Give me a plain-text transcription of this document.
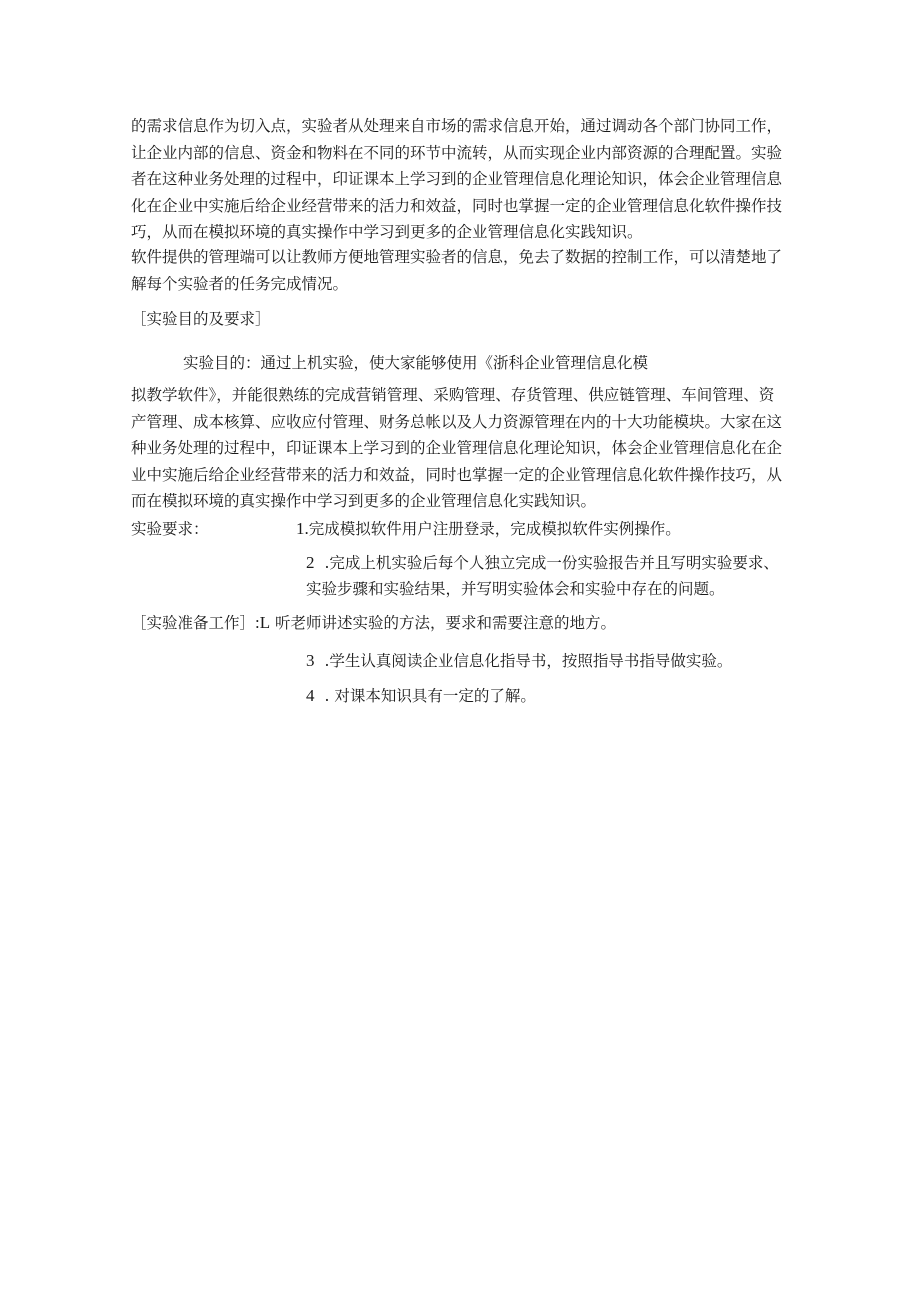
的需求信息作为切入点，实验者从处理来自市场的需求信息开始，通过调动各个部门协同工作，
让企业内部的信息、资金和物料在不同的环节中流转，从而实现企业内部资源的合理配置。实验
者在这种业务处理的过程中，印证课本上学习到的企业管理信息化理论知识，体会企业管理信息
化在企业中实施后给企业经营带来的活力和效益，同时也掌握一定的企业管理信息化软件操作技
巧，从而在模拟环境的真实操作中学习到更多的企业管理信息化实践知识。

软件提供的管理端可以让教师方便地管理实验者的信息，免去了数据的控制工作，可以清楚地了
解每个实验者的任务完成情况。

［实验目的及要求］

实验目的：通过上机实验，使大家能够使用《浙科企业管理信息化模

拟教学软件》，并能很熟练的完成营销管理、采购管理、存货管理、供应链管理、车间管理、资
产管理、成本核算、应收应付管理、财务总帐以及人力资源管理在内的十大功能模块。大家在这
种业务处理的过程中，印证课本上学习到的企业管理信息化理论知识，体会企业管理信息化在企
业中实施后给企业经营带来的活力和效益，同时也掌握一定的企业管理信息化软件操作技巧，从
而在模拟环境的真实操作中学习到更多的企业管理信息化实践知识。

实验要求：	1.完成模拟软件用户注册登录，完成模拟软件实例操作。
2 .完成上机实验后每个人独立完成一份实验报告并且写明实验要求、
实验步骤和实验结果，并写明实验体会和实验中存在的问题。
［实验准备工作］:L 听老师讲述实验的方法，要求和需要注意的地方。
3 .学生认真阅读企业信息化指导书，按照指导书指导做实验。
4 . 对课本知识具有一定的了解。
